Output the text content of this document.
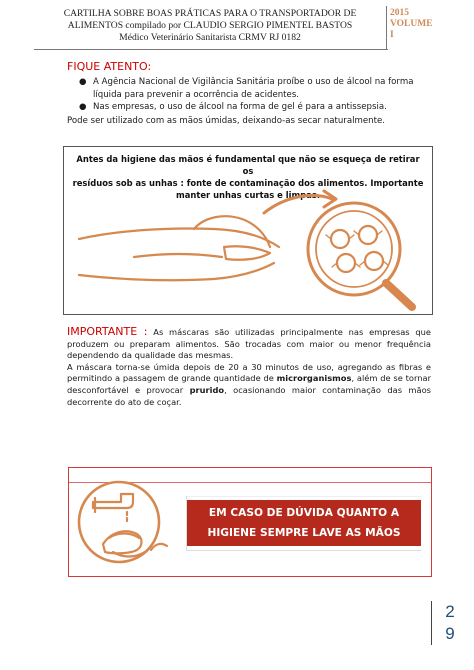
CARTILHA SOBRE BOAS PRÁTICAS PARA O TRANSPORTADOR DE
ALIMENTOS compilado por CLAUDIO SERGIO PIMENTEL BASTOS
Médico Veterinário Sanitarista CRMV RJ 0182
2015
VOLUME
I
FIQUE ATENTO:
● A Agência Nacional de Vigilância Sanitária proíbe o uso de álcool na forma líquida para prevenir a ocorrência de acidentes.
● Nas empresas, o uso de álcool na forma de gel é para a antissepsia.
Pode ser utilizado com as mãos úmidas, deixando-as secar naturalmente.
Antes da higiene das mãos é fundamental que não se esqueça de retirar os
resíduos sob as unhas : fonte de contaminação dos alimentos. Importante
manter unhas curtas e limpas.

IMPORTANTE : As máscaras são utilizadas principalmente nas empresas que produzem ou preparam alimentos. São trocadas com maior ou menor frequência dependendo da qualidade das mesmas.

A máscara torna-se úmida depois de 20 a 30 minutos de uso, agregando as fibras e permitindo a passagem de grande quantidade de microrganismos, além de se tornar desconfortável e provocar prurido, ocasionando maior contaminação das mãos decorrente do ato de coçar.

EM CASO DE DÚVIDA QUANTO A
HIGIENE SEMPRE LAVE AS MÃOS
2
9
